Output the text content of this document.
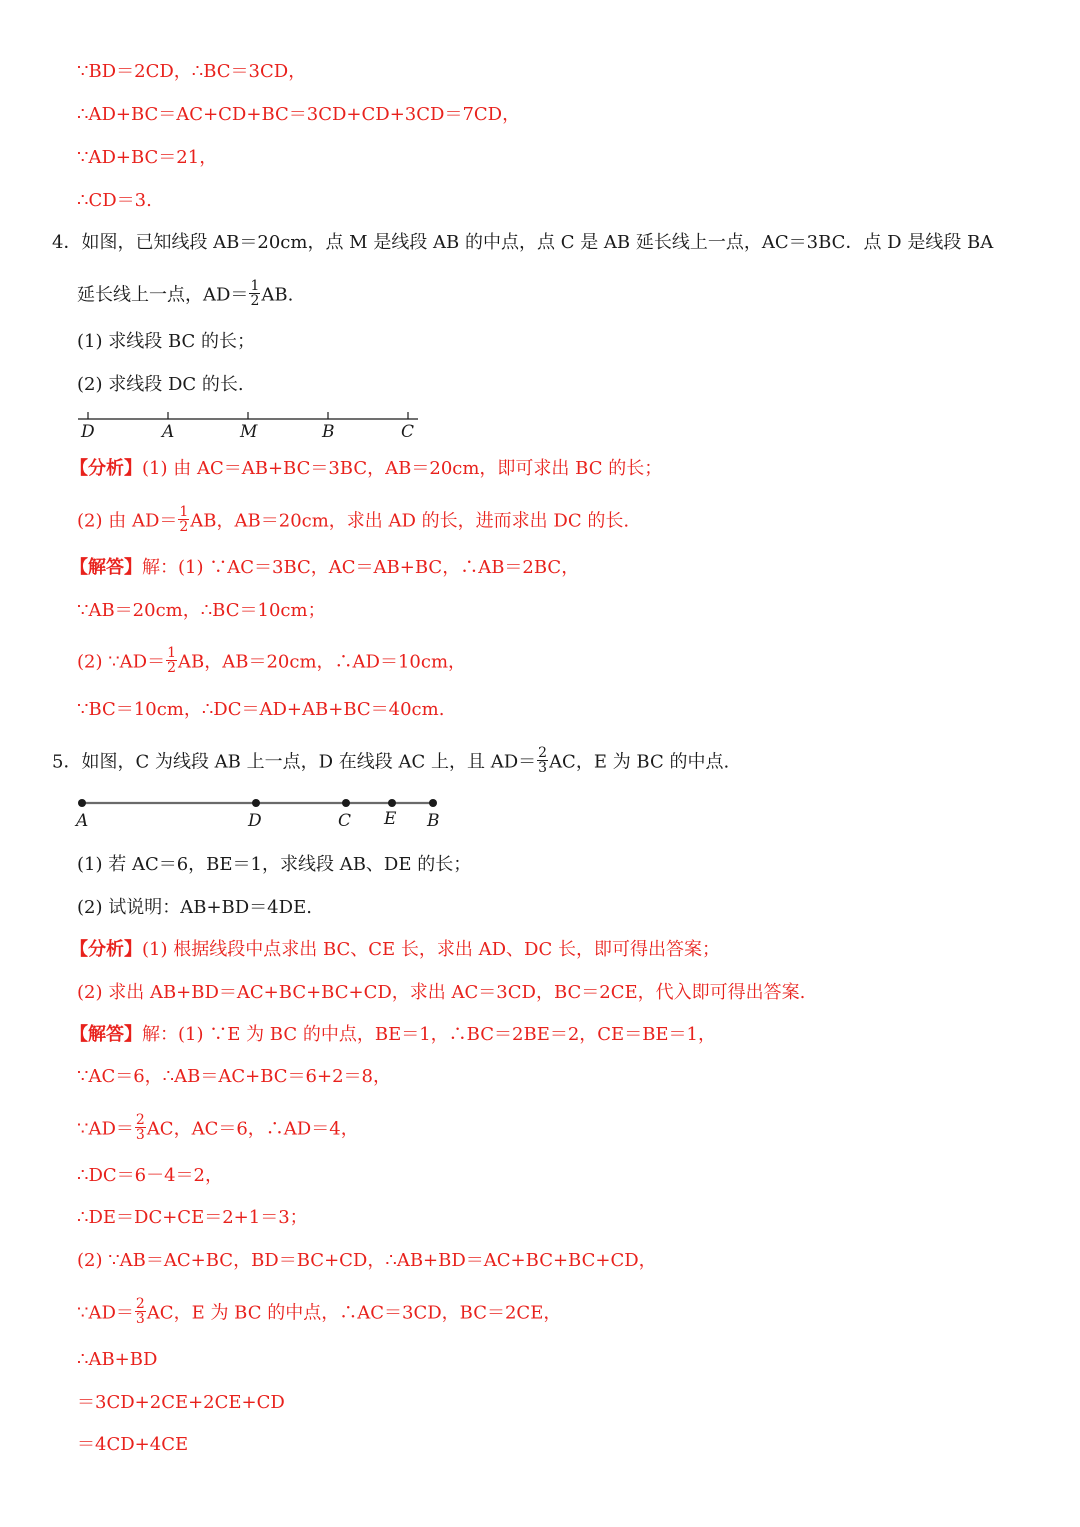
∵BD＝2CD，∴BC＝3CD，
∴AD+BC＝AC+CD+BC＝3CD+CD+3CD＝7CD，
∵AD+BC＝21，
∴CD＝3.
4．如图，已知线段 AB＝20cm，点 M 是线段 AB 的中点，点 C 是 AB 延长线上一点，AC＝3BC．点 D 是线段 BA
延长线上一点，$AD= \frac{1}{2}$ AB.
(1) 求线段 BC 的长；
(2) 求线段 DC 的长.
D	A	M	B	C
【分析】(1) 由 AC＝AB+BC＝3BC，AB＝20cm，即可求出 BC 的长；
(2) 由 $AD= \frac{1}{2}$ AB，AB＝20cm，求出 AD 的长，进而求出 DC 的长.
【解答】解：(1) ∵AC＝3BC，AC＝AB+BC，∴AB＝2BC，
∵AB＝20cm，∴BC＝10cm；
(2) ∵AD＝ $\frac{1}{2}$ AB，AB＝20cm，∴AD＝10cm，
∵BC＝10cm，∴DC＝AD+AB+BC＝40cm.
5．如图，C 为线段 AB 上一点，D 在线段 AC 上，且 $AD= \frac{2}{3}$ AC，E 为 BC 的中点.
A	D	C E B
(1) 若 AC＝6，BE＝1，求线段 AB、DE 的长；
(2) 试说明：AB+BD＝4DE.
【分析】(1) 根据线段中点求出 BC、CE 长，求出 AD、DC 长，即可得出答案；
(2) 求出 AB+BD＝AC+BC+BC+CD，求出 AC＝3CD，BC＝2CE，代入即可得出答案.
【解答】解：(1) ∵E 为 BC 的中点，BE＝1，∴BC＝2BE＝2，CE＝BE＝1，
∵AC＝6，∴AB＝AC+BC＝6+2＝8，
∵AD＝ $\frac{2}{3}$ AC，AC＝6，∴AD＝4，
∴DC＝6－4＝2，
∴DE＝DC+CE＝2+1＝3；
(2) ∵AB＝AC+BC，BD＝BC+CD，∴AB+BD＝AC+BC+BC+CD，
∵AD＝ $\frac{2}{3}$ AC，E 为 BC 的中点，∴AC＝3CD，BC＝2CE，
∴AB+BD
＝3CD+2CE+2CE+CD
＝4CD+4CE
